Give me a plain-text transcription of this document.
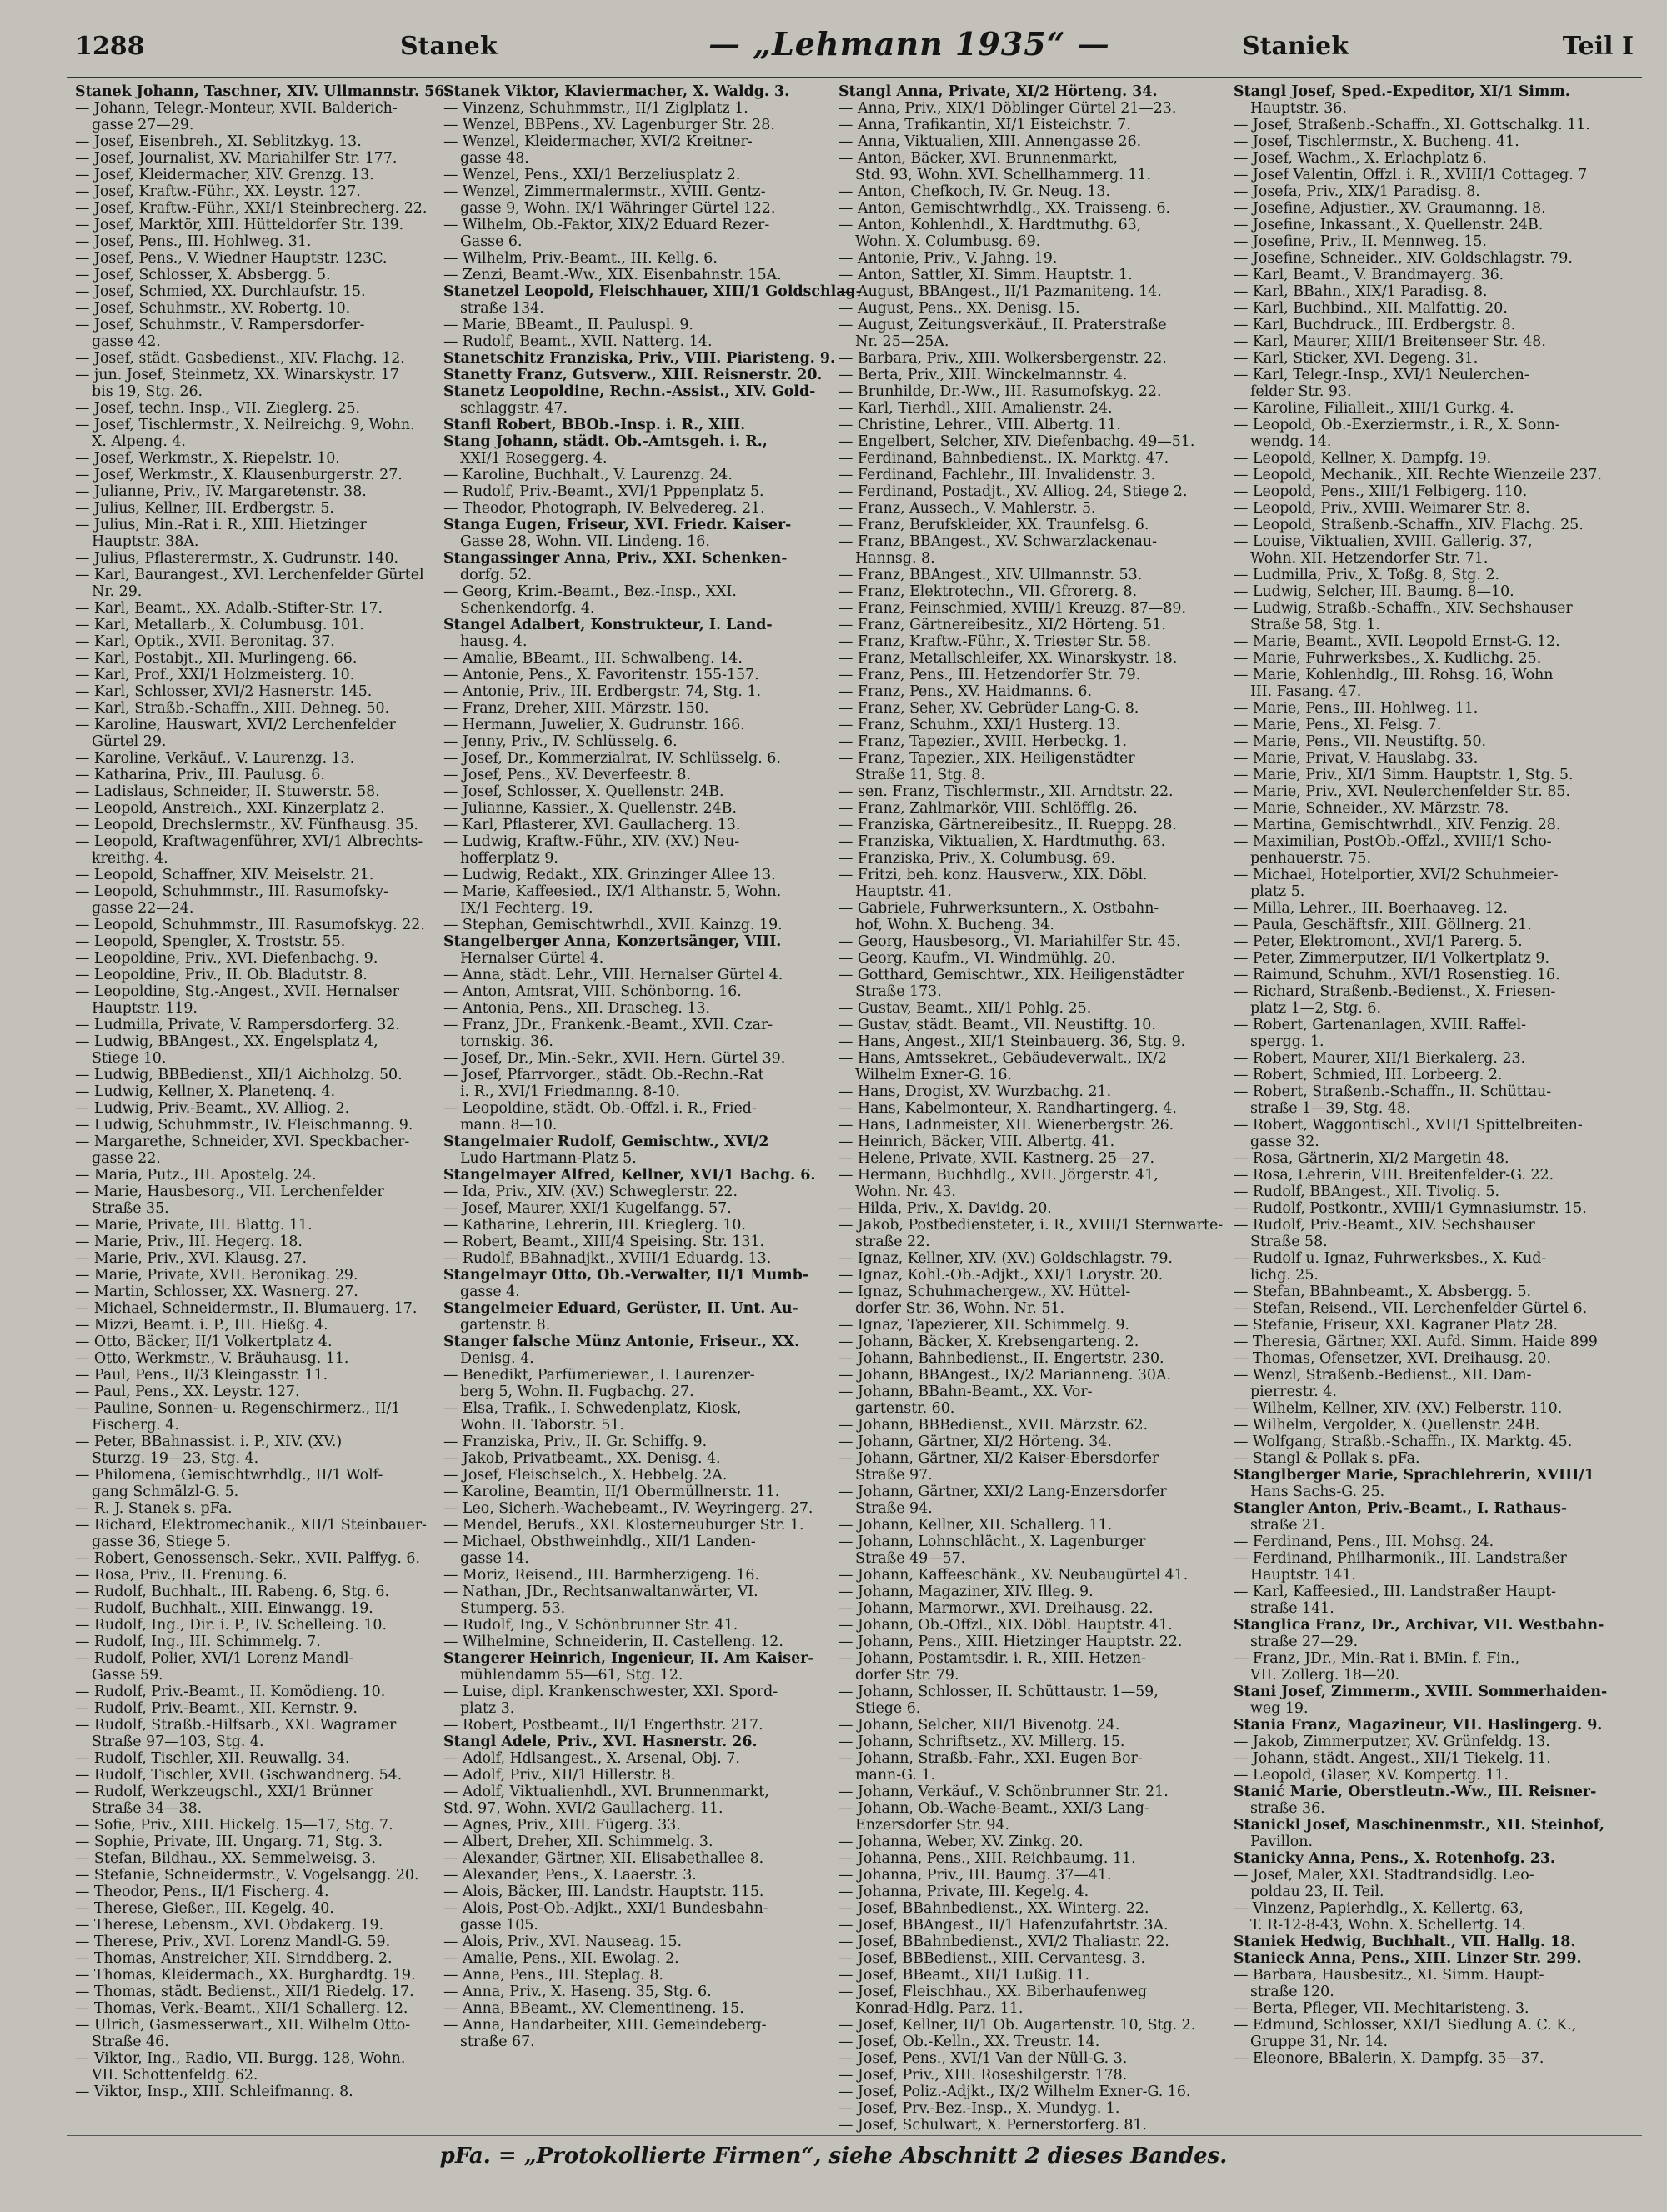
1288	Stanek	— „Lehmann 1935“ —	Staniek	Teil I
Stanek Johann, Taschner, XIV. Ullmannstr. 56.
— Johann, Telegr.-Monteur, XVII. Balderich-
gasse 27—29.
— Josef, Eisenbreh., XI. Seblitzkyg. 13.
— Josef, Journalist, XV. Mariahilfer Str. 177.
— Josef, Kleidermacher, XIV. Grenzg. 13.
— Josef, Kraftw.-Führ., XX. Leystr. 127.
— Josef, Kraftw.-Führ., XXI/1 Steinbrecherg. 22.
— Josef, Marktör, XIII. Hütteldorfer Str. 139.
— Josef, Pens., III. Hohlweg. 31.
— Josef, Pens., V. Wiedner Hauptstr. 123C.
— Josef, Schlosser, X. Absbergg. 5.
— Josef, Schmied, XX. Durchlaufstr. 15.
— Josef, Schuhmstr., XV. Robertg. 10.
— Josef, Schuhmstr., V. Rampersdorfer-
gasse 42.
— Josef, städt. Gasbedienst., XIV. Flachg. 12.
— jun. Josef, Steinmetz, XX. Winarskystr. 17
bis 19, Stg. 26.
— Josef, techn. Insp., VII. Zieglerg. 25.
— Josef, Tischlermstr., X. Neilreichg. 9, Wohn.
X. Alpeng. 4.
— Josef, Werkmstr., X. Riepelstr. 10.
— Josef, Werkmstr., X. Klausenburgerstr. 27.
— Julianne, Priv., IV. Margaretenstr. 38.
— Julius, Kellner, III. Erdbergstr. 5.
— Julius, Min.-Rat i. R., XIII. Hietzinger
Hauptstr. 38A.
— Julius, Pflasterermstr., X. Gudrunstr. 140.
— Karl, Baurangest., XVI. Lerchenfelder Gürtel
Nr. 29.
— Karl, Beamt., XX. Adalb.-Stifter-Str. 17.
— Karl, Metallarb., X. Columbusg. 101.
— Karl, Optik., XVII. Beronitag. 37.
— Karl, Postabjt., XII. Murlingeng. 66.
— Karl, Prof., XXI/1 Holzmeisterg. 10.
— Karl, Schlosser, XVI/2 Hasnerstr. 145.
— Karl, Straßb.-Schaffn., XIII. Dehneg. 50.
— Karoline, Hauswart, XVI/2 Lerchenfelder
Gürtel 29.
— Karoline, Verkäuf., V. Laurenzg. 13.
— Katharina, Priv., III. Paulusg. 6.
— Ladislaus, Schneider, II. Stuwerstr. 58.
— Leopold, Anstreich., XXI. Kinzerplatz 2.
— Leopold, Drechslermstr., XV. Fünfhausg. 35.
— Leopold, Kraftwagenführer, XVI/1 Albrechts-
kreithg. 4.
— Leopold, Schaffner, XIV. Meiselstr. 21.
— Leopold, Schuhmmstr., III. Rasumofsky-
gasse 22—24.
— Leopold, Schuhmmstr., III. Rasumofskyg. 22.
— Leopold, Spengler, X. Troststr. 55.
— Leopoldine, Priv., XVI. Diefenbachg. 9.
— Leopoldine, Priv., II. Ob. Bladutstr. 8.
— Leopoldine, Stg.-Angest., XVII. Hernalser
Hauptstr. 119.
— Ludmilla, Private, V. Rampersdorferg. 32.
— Ludwig, BBAngest., XX. Engelsplatz 4,
Stiege 10.
— Ludwig, BBBedienst., XII/1 Aichholzg. 50.
— Ludwig, Kellner, X. Planetenq. 4.
— Ludwig, Priv.-Beamt., XV. Alliog. 2.
— Ludwig, Schuhmmstr., IV. Fleischmanng. 9.
— Margarethe, Schneider, XVI. Speckbacher-
gasse 22.
— Maria, Putz., III. Apostelg. 24.
— Marie, Hausbesorg., VII. Lerchenfelder
Straße 35.
— Marie, Private, III. Blattg. 11.
— Marie, Priv., III. Hegerg. 18.
— Marie, Priv., XVI. Klausg. 27.
— Marie, Private, XVII. Beronikag. 29.
— Martin, Schlosser, XX. Wasnerg. 27.
— Michael, Schneidermstr., II. Blumauerg. 17.
— Mizzi, Beamt. i. P., III. Hießg. 4.
— Otto, Bäcker, II/1 Volkertplatz 4.
— Otto, Werkmstr., V. Bräuhausg. 11.
— Paul, Pens., II/3 Kleingasstr. 11.
— Paul, Pens., XX. Leystr. 127.
— Pauline, Sonnen- u. Regenschirmerz., II/1
Fischerg. 4.
— Peter, BBahnassist. i. P., XIV. (XV.)
Sturzg. 19—23, Stg. 4.
— Philomena, Gemischtwrhdlg., II/1 Wolf-
gang Schmälzl-G. 5.
— R. J. Stanek s. pFa.
— Richard, Elektromechanik., XII/1 Steinbauer-
gasse 36, Stiege 5.
— Robert, Genossensch.-Sekr., XVII. Palffyg. 6.
— Rosa, Priv., II. Frenung. 6.
— Rudolf, Buchhalt., III. Rabeng. 6, Stg. 6.
— Rudolf, Buchhalt., XIII. Einwangg. 19.
— Rudolf, Ing., Dir. i. P., IV. Schelleing. 10.
— Rudolf, Ing., III. Schimmelg. 7.
— Rudolf, Polier, XVI/1 Lorenz Mandl-
Gasse 59.
— Rudolf, Priv.-Beamt., II. Komödieng. 10.
— Rudolf, Priv.-Beamt., XII. Kernstr. 9.
— Rudolf, Straßb.-Hilfsarb., XXI. Wagramer
Straße 97—103, Stg. 4.
— Rudolf, Tischler, XII. Reuwallg. 34.
— Rudolf, Tischler, XVII. Gschwandnerg. 54.
— Rudolf, Werkzeugschl., XXI/1 Brünner
Straße 34—38.
— Sofie, Priv., XIII. Hickelg. 15—17, Stg. 7.
— Sophie, Private, III. Ungarg. 71, Stg. 3.
— Stefan, Bildhau., XX. Semmelweisg. 3.
— Stefanie, Schneidermstr., V. Vogelsangg. 20.
— Theodor, Pens., II/1 Fischerg. 4.
— Therese, Gießer., III. Kegelg. 40.
— Therese, Lebensm., XVI. Obdakerg. 19.
— Therese, Priv., XVI. Lorenz Mandl-G. 59.
— Thomas, Anstreicher, XII. Sirnddberg. 2.
— Thomas, Kleidermach., XX. Burghardtg. 19.
— Thomas, städt. Bedienst., XII/1 Riedelg. 17.
— Thomas, Verk.-Beamt., XII/1 Schallerg. 12.
— Ulrich, Gasmesserwart., XII. Wilhelm Otto-
Straße 46.
— Viktor, Ing., Radio, VII. Burgg. 128, Wohn.
VII. Schottenfeldg. 62.
— Viktor, Insp., XIII. Schleifmanng. 8.
Stanek Viktor, Klaviermacher, X. Waldg. 3.
— Vinzenz, Schuhmmstr., II/1 Ziglplatz 1.
— Wenzel, BBPens., XV. Lagenburger Str. 28.
— Wenzel, Kleidermacher, XVI/2 Kreitner-
gasse 48.
— Wenzel, Pens., XXI/1 Berzeliusplatz 2.
— Wenzel, Zimmermalermstr., XVIII. Gentz-
gasse 9, Wohn. IX/1 Währinger Gürtel 122.
— Wilhelm, Ob.-Faktor, XIX/2 Eduard Rezer-
Gasse 6.
— Wilhelm, Priv.-Beamt., III. Kellg. 6.
— Zenzi, Beamt.-Ww., XIX. Eisenbahnstr. 15A.
Stanetzel Leopold, Fleischhauer, XIII/1 Goldschlag-
straße 134.
— Marie, BBeamt., II. Pauluspl. 9.
— Rudolf, Beamt., XVII. Natterg. 14.
Stanetschitz Franziska, Priv., VIII. Piaristeng. 9.
Stanetty Franz, Gutsverw., XIII. Reisnerstr. 20.
Stanetz Leopoldine, Rechn.-Assist., XIV. Gold-
schlaggstr. 47.
Stanfl Robert, BBOb.-Insp. i. R., XIII.
Stang Johann, städt. Ob.-Amtsgeh. i. R.,
XXI/1 Roseggerg. 4.
— Karoline, Buchhalt., V. Laurenzg. 24.
— Rudolf, Priv.-Beamt., XVI/1 Pppenplatz 5.
— Theodor, Photograph, IV. Belvedereg. 21.
Stanga Eugen, Friseur, XVI. Friedr. Kaiser-
Gasse 28, Wohn. VII. Lindeng. 16.
Stangassinger Anna, Priv., XXI. Schenken-
dorfg. 52.
— Georg, Krim.-Beamt., Bez.-Insp., XXI.
Schenkendorfg. 4.
Stangel Adalbert, Konstrukteur, I. Land-
hausg. 4.
— Amalie, BBeamt., III. Schwalbeng. 14.
— Antonie, Pens., X. Favoritenstr. 155-157.
— Antonie, Priv., III. Erdbergstr. 74, Stg. 1.
— Franz, Dreher, XIII. Märzstr. 150.
— Hermann, Juwelier, X. Gudrunstr. 166.
— Jenny, Priv., IV. Schlüsselg. 6.
— Josef, Dr., Kommerzialrat, IV. Schlüsselg. 6.
— Josef, Pens., XV. Deverfeestr. 8.
— Josef, Schlosser, X. Quellenstr. 24B.
— Julianne, Kassier., X. Quellenstr. 24B.
— Karl, Pflasterer, XVI. Gaullacherg. 13.
— Ludwig, Kraftw.-Führ., XIV. (XV.) Neu-
hofferplatz 9.
— Ludwig, Redakt., XIX. Grinzinger Allee 13.
— Marie, Kaffeesied., IX/1 Althanstr. 5, Wohn.
IX/1 Fechterg. 19.
— Stephan, Gemischtwrhdl., XVII. Kainzg. 19.
Stangelberger Anna, Konzertsänger, VIII.
Hernalser Gürtel 4.
— Anna, städt. Lehr., VIII. Hernalser Gürtel 4.
— Anton, Amtsrat, VIII. Schönborng. 16.
— Antonia, Pens., XII. Drascheg. 13.
— Franz, JDr., Frankenk.-Beamt., XVII. Czar-
tornskig. 36.
— Josef, Dr., Min.-Sekr., XVII. Hern. Gürtel 39.
— Josef, Pfarrvorger., städt. Ob.-Rechn.-Rat
i. R., XVI/1 Friedmanng. 8-10.
— Leopoldine, städt. Ob.-Offzl. i. R., Fried-
mann. 8—10.
Stangelmaier Rudolf, Gemischtw., XVI/2
Ludo Hartmann-Platz 5.
Stangelmayer Alfred, Kellner, XVI/1 Bachg. 6.
— Ida, Priv., XIV. (XV.) Schweglerstr. 22.
— Josef, Maurer, XXI/1 Kugelfangg. 57.
— Katharine, Lehrerin, III. Krieglerg. 10.
— Robert, Beamt., XIII/4 Speising. Str. 131.
— Rudolf, BBahnadjkt., XVIII/1 Eduardg. 13.
Stangelmayr Otto, Ob.-Verwalter, II/1 Mumb-
gasse 4.
Stangelmeier Eduard, Gerüster, II. Unt. Au-
gartenstr. 8.
Stanger falsche Münz Antonie, Friseur., XX.
Denisg. 4.
— Benedikt, Parfümeriewar., I. Laurenzer-
berg 5, Wohn. II. Fugbachg. 27.
— Elsa, Trafik., I. Schwedenplatz, Kiosk,
Wohn. II. Taborstr. 51.
— Franziska, Priv., II. Gr. Schiffg. 9.
— Jakob, Privatbeamt., XX. Denisg. 4.
— Josef, Fleischselch., X. Hebbelg. 2A.
— Karoline, Beamtin, II/1 Obermüllnerstr. 11.
— Leo, Sicherh.-Wachebeamt., IV. Weyringerg. 27.
— Mendel, Berufs., XXI. Klosterneuburger Str. 1.
— Michael, Obsthweinhdlg., XII/1 Landen-
gasse 14.
— Moriz, Reisend., III. Barmherzigeng. 16.
— Nathan, JDr., Rechtsanwaltanwärter, VI.
Stumperg. 53.
— Rudolf, Ing., V. Schönbrunner Str. 41.
— Wilhelmine, Schneiderin, II. Castelleng. 12.
Stangerer Heinrich, Ingenieur, II. Am Kaiser-
mühlendamm 55—61, Stg. 12.
— Luise, dipl. Krankenschwester, XXI. Spord-
platz 3.
— Robert, Postbeamt., II/1 Engerthstr. 217.
Stangl Adele, Priv., XVI. Hasnerstr. 26.
— Adolf, Hdlsangest., X. Arsenal, Obj. 7.
— Adolf, Priv., XII/1 Hillerstr. 8.
— Adolf, Viktualienhdl., XVI. Brunnenmarkt,
Std. 97, Wohn. XVI/2 Gaullacherg. 11.
— Agnes, Priv., XIII. Fügerg. 33.
— Albert, Dreher, XII. Schimmelg. 3.
— Alexander, Gärtner, XII. Elisabethallee 8.
— Alexander, Pens., X. Laaerstr. 3.
— Alois, Bäcker, III. Landstr. Hauptstr. 115.
— Alois, Post-Ob.-Adjkt., XXI/1 Bundesbahn-
gasse 105.
— Alois, Priv., XVI. Nauseag. 15.
— Amalie, Pens., XII. Ewolag. 2.
— Anna, Pens., III. Steplag. 8.
— Anna, Priv., X. Haseng. 35, Stg. 6.
— Anna, BBeamt., XV. Clementineng. 15.
— Anna, Handarbeiter, XIII. Gemeindeberg-
straße 67.
Stangl Anna, Private, XI/2 Hörteng. 34.
— Anna, Priv., XIX/1 Döblinger Gürtel 21—23.
— Anna, Trafikantin, XI/1 Eisteichstr. 7.
— Anna, Viktualien, XIII. Annengasse 26.
— Anton, Bäcker, XVI. Brunnenmarkt,
Std. 93, Wohn. XVI. Schellhammerg. 11.
— Anton, Chefkoch, IV. Gr. Neug. 13.
— Anton, Gemischtwrhdlg., XX. Traisseng. 6.
— Anton, Kohlenhdl., X. Hardtmuthg. 63,
Wohn. X. Columbusg. 69.
— Antonie, Priv., V. Jahng. 19.
— Anton, Sattler, XI. Simm. Hauptstr. 1.
— August, BBAngest., II/1 Pazmaniteng. 14.
— August, Pens., XX. Denisg. 15.
— August, Zeitungsverkäuf., II. Praterstraße
Nr. 25—25A.
— Barbara, Priv., XIII. Wolkersbergenstr. 22.
— Berta, Priv., XIII. Winckelmannstr. 4.
— Brunhilde, Dr.-Ww., III. Rasumofskyg. 22.
— Karl, Tierhdl., XIII. Amalienstr. 24.
— Christine, Lehrer., VIII. Albertg. 11.
— Engelbert, Selcher, XIV. Diefenbachg. 49—51.
— Ferdinand, Bahnbedienst., IX. Marktg. 47.
— Ferdinand, Fachlehr., III. Invalidenstr. 3.
— Ferdinand, Postadjt., XV. Alliog. 24, Stiege 2.
— Franz, Aussech., V. Mahlerstr. 5.
— Franz, Berufskleider, XX. Traunfelsg. 6.
— Franz, BBAngest., XV. Schwarzlackenau-
Hannsg. 8.
— Franz, BBAngest., XIV. Ullmannstr. 53.
— Franz, Elektrotechn., VII. Gfrorerg. 8.
— Franz, Feinschmied, XVIII/1 Kreuzg. 87—89.
— Franz, Gärtnereibesitz., XI/2 Hörteng. 51.
— Franz, Kraftw.-Führ., X. Triester Str. 58.
— Franz, Metallschleifer, XX. Winarskystr. 18.
— Franz, Pens., III. Hetzendorfer Str. 79.
— Franz, Pens., XV. Haidmanns. 6.
— Franz, Seher, XV. Gebrüder Lang-G. 8.
— Franz, Schuhm., XXI/1 Husterg. 13.
— Franz, Tapezier., XVIII. Herbeckg. 1.
— Franz, Tapezier., XIX. Heiligenstädter
Straße 11, Stg. 8.
— sen. Franz, Tischlermstr., XII. Arndtstr. 22.
— Franz, Zahlmarkör, VIII. Schlöfflg. 26.
— Franziska, Gärtnereibesitz., II. Rueppg. 28.
— Franziska, Viktualien, X. Hardtmuthg. 63.
— Franziska, Priv., X. Columbusg. 69.
— Fritzi, beh. konz. Hausverw., XIX. Döbl.
Hauptstr. 41.
— Gabriele, Fuhrwerksuntern., X. Ostbahn-
hof, Wohn. X. Bucheng. 34.
— Georg, Hausbesorg., VI. Mariahilfer Str. 45.
— Georg, Kaufm., VI. Windmühlg. 20.
— Gotthard, Gemischtwr., XIX. Heiligenstädter
Straße 173.
— Gustav, Beamt., XII/1 Pohlg. 25.
— Gustav, städt. Beamt., VII. Neustiftg. 10.
— Hans, Angest., XII/1 Steinbauerg. 36, Stg. 9.
— Hans, Amtssekret., Gebäudeverwalt., IX/2
Wilhelm Exner-G. 16.
— Hans, Drogist, XV. Wurzbachg. 21.
— Hans, Kabelmonteur, X. Randhartingerg. 4.
— Hans, Ladnmeister, XII. Wienerbergstr. 26.
— Heinrich, Bäcker, VIII. Albertg. 41.
— Helene, Private, XVII. Kastnerg. 25—27.
— Hermann, Buchhdlg., XVII. Jörgerstr. 41,
Wohn. Nr. 43.
— Hilda, Priv., X. Davidg. 20.
— Jakob, Postbediensteter, i. R., XVIII/1 Sternwarte-
straße 22.
— Ignaz, Kellner, XIV. (XV.) Goldschlagstr. 79.
— Ignaz, Kohl.-Ob.-Adjkt., XXI/1 Lorystr. 20.
— Ignaz, Schuhmachergew., XV. Hüttel-
dorfer Str. 36, Wohn. Nr. 51.
— Ignaz, Tapezierer, XII. Schimmelg. 9.
— Johann, Bäcker, X. Krebsengarteng. 2.
— Johann, Bahnbedienst., II. Engertstr. 230.
— Johann, BBAngest., IX/2 Marianneng. 30A.
— Johann, BBahn-Beamt., XX. Vor-
gartenstr. 60.
— Johann, BBBedienst., XVII. Märzstr. 62.
— Johann, Gärtner, XI/2 Hörteng. 34.
— Johann, Gärtner, XI/2 Kaiser-Ebersdorfer
Straße 97.
— Johann, Gärtner, XXI/2 Lang-Enzersdorfer
Straße 94.
— Johann, Kellner, XII. Schallerg. 11.
— Johann, Lohnschlächt., X. Lagenburger
Straße 49—57.
— Johann, Kaffeeschänk., XV. Neubaugürtel 41.
— Johann, Magaziner, XIV. Illeg. 9.
— Johann, Marmorwr., XVI. Dreihausg. 22.
— Johann, Ob.-Offzl., XIX. Döbl. Hauptstr. 41.
— Johann, Pens., XIII. Hietzinger Hauptstr. 22.
— Johann, Postamtsdir. i. R., XIII. Hetzen-
dorfer Str. 79.
— Johann, Schlosser, II. Schüttaustr. 1—59,
Stiege 6.
— Johann, Selcher, XII/1 Bivenotg. 24.
— Johann, Schriftsetz., XV. Millerg. 15.
— Johann, Straßb.-Fahr., XXI. Eugen Bor-
mann-G. 1.
— Johann, Verkäuf., V. Schönbrunner Str. 21.
— Johann, Ob.-Wache-Beamt., XXI/3 Lang-
Enzersdorfer Str. 94.
— Johanna, Weber, XV. Zinkg. 20.
— Johanna, Pens., XIII. Reichbaumg. 11.
— Johanna, Priv., III. Baumg. 37—41.
— Johanna, Private, III. Kegelg. 4.
— Josef, BBahnbedienst., XX. Winterg. 22.
— Josef, BBAngest., II/1 Hafenzufahrtstr. 3A.
— Josef, BBahnbedienst., XVI/2 Thaliastr. 22.
— Josef, BBBedienst., XIII. Cervantesg. 3.
— Josef, BBeamt., XII/1 Lußig. 11.
— Josef, Fleischhau., XX. Biberhaufenweg
Konrad-Hdlg. Parz. 11.
— Josef, Kellner, II/1 Ob. Augartenstr. 10, Stg. 2.
— Josef, Ob.-Kelln., XX. Treustr. 14.
— Josef, Pens., XVI/1 Van der Nüll-G. 3.
— Josef, Priv., XIII. Roseshilgerstr. 178.
— Josef, Poliz.-Adjkt., IX/2 Wilhelm Exner-G. 16.
— Josef, Prv.-Bez.-Insp., X. Mundyg. 1.
— Josef, Schulwart, X. Pernerstorferg. 81.
Stangl Josef, Sped.-Expeditor, XI/1 Simm.
Hauptstr. 36.
— Josef, Straßenb.-Schaffn., XI. Gottschalkg. 11.
— Josef, Tischlermstr., X. Bucheng. 41.
— Josef, Wachm., X. Erlachplatz 6.
— Josef Valentin, Offzl. i. R., XVIII/1 Cottageg. 7
— Josefa, Priv., XIX/1 Paradisg. 8.
— Josefine, Adjustier., XV. Graumanng. 18.
— Josefine, Inkassant., X. Quellenstr. 24B.
— Josefine, Priv., II. Mennweg. 15.
— Josefine, Schneider., XIV. Goldschlagstr. 79.
— Karl, Beamt., V. Brandmayerg. 36.
— Karl, BBahn., XIX/1 Paradisg. 8.
— Karl, Buchbind., XII. Malfattig. 20.
— Karl, Buchdruck., III. Erdbergstr. 8.
— Karl, Maurer, XIII/1 Breitenseer Str. 48.
— Karl, Sticker, XVI. Degeng. 31.
— Karl, Telegr.-Insp., XVI/1 Neulerchen-
felder Str. 93.
— Karoline, Filialleit., XIII/1 Gurkg. 4.
— Leopold, Ob.-Exerziermstr., i. R., X. Sonn-
wendg. 14.
— Leopold, Kellner, X. Dampfg. 19.
— Leopold, Mechanik., XII. Rechte Wienzeile 237.
— Leopold, Pens., XIII/1 Felbigerg. 110.
— Leopold, Priv., XVIII. Weimarer Str. 8.
— Leopold, Straßenb.-Schaffn., XIV. Flachg. 25.
— Louise, Viktualien, XVIII. Gallerig. 37,
Wohn. XII. Hetzendorfer Str. 71.
— Ludmilla, Priv., X. Toßg. 8, Stg. 2.
— Ludwig, Selcher, III. Baumg. 8—10.
— Ludwig, Straßb.-Schaffn., XIV. Sechshauser
Straße 58, Stg. 1.
— Marie, Beamt., XVII. Leopold Ernst-G. 12.
— Marie, Fuhrwerksbes., X. Kudlichg. 25.
— Marie, Kohlenhdlg., III. Rohsg. 16, Wohn
III. Fasang. 47.
— Marie, Pens., III. Hohlweg. 11.
— Marie, Pens., XI. Felsg. 7.
— Marie, Pens., VII. Neustiftg. 50.
— Marie, Privat, V. Hauslabg. 33.
— Marie, Priv., XI/1 Simm. Hauptstr. 1, Stg. 5.
— Marie, Priv., XVI. Neulerchenfelder Str. 85.
— Marie, Schneider., XV. Märzstr. 78.
— Martina, Gemischtwrhdl., XIV. Fenzig. 28.
— Maximilian, PostOb.-Offzl., XVIII/1 Scho-
penhauerstr. 75.
— Michael, Hotelportier, XVI/2 Schuhmeier-
platz 5.
— Milla, Lehrer., III. Boerhaaveg. 12.
— Paula, Geschäftsfr., XIII. Göllnerg. 21.
— Peter, Elektromont., XVI/1 Parerg. 5.
— Peter, Zimmerputzer, II/1 Volkertplatz 9.
— Raimund, Schuhm., XVI/1 Rosenstieg. 16.
— Richard, Straßenb.-Bedienst., X. Friesen-
platz 1—2, Stg. 6.
— Robert, Gartenanlagen, XVIII. Raffel-
spergg. 1.
— Robert, Maurer, XII/1 Bierkalerg. 23.
— Robert, Schmied, III. Lorbeerg. 2.
— Robert, Straßenb.-Schaffn., II. Schüttau-
straße 1—39, Stg. 48.
— Robert, Waggontischl., XVII/1 Spittelbreiten-
gasse 32.
— Rosa, Gärtnerin, XI/2 Margetin 48.
— Rosa, Lehrerin, VIII. Breitenfelder-G. 22.
— Rudolf, BBAngest., XII. Tivolig. 5.
— Rudolf, Postkontr., XVIII/1 Gymnasiumstr. 15.
— Rudolf, Priv.-Beamt., XIV. Sechshauser
Straße 58.
— Rudolf u. Ignaz, Fuhrwerksbes., X. Kud-
lichg. 25.
— Stefan, BBahnbeamt., X. Absbergg. 5.
— Stefan, Reisend., VII. Lerchenfelder Gürtel 6.
— Stefanie, Friseur, XXI. Kagraner Platz 28.
— Theresia, Gärtner, XXI. Aufd. Simm. Haide 899
— Thomas, Ofensetzer, XVI. Dreihausg. 20.
— Wenzl, Straßenb.-Bedienst., XII. Dam-
pierrestr. 4.
— Wilhelm, Kellner, XIV. (XV.) Felberstr. 110.
— Wilhelm, Vergolder, X. Quellenstr. 24B.
— Wolfgang, Straßb.-Schaffn., IX. Marktg. 45.
— Stangl & Pollak s. pFa.
Stanglberger Marie, Sprachlehrerin, XVIII/1
Hans Sachs-G. 25.
Stangler Anton, Priv.-Beamt., I. Rathaus-
straße 21.
— Ferdinand, Pens., III. Mohsg. 24.
— Ferdinand, Philharmonik., III. Landstraßer
Hauptstr. 141.
— Karl, Kaffeesied., III. Landstraßer Haupt-
straße 141.
Stanglica Franz, Dr., Archivar, VII. Westbahn-
straße 27—29.
— Franz, JDr., Min.-Rat i. BMin. f. Fin.,
VII. Zollerg. 18—20.
Stani Josef, Zimmerm., XVIII. Sommerhaiden-
weg 19.
Stania Franz, Magazineur, VII. Haslingerg. 9.
— Jakob, Zimmerputzer, XV. Grünfeldg. 13.
— Johann, städt. Angest., XII/1 Tiekelg. 11.
— Leopold, Glaser, XV. Kompertg. 11.
Stanić Marie, Oberstleutn.-Ww., III. Reisner-
straße 36.
Stanickl Josef, Maschinenmstr., XII. Steinhof,
Pavillon.
Stanicky Anna, Pens., X. Rotenhofg. 23.
— Josef, Maler, XXI. Stadtrandsidlg. Leo-
poldau 23, II. Teil.
— Vinzenz, Papierhdlg., X. Kellertg. 63,
T. R-12-8-43, Wohn. X. Schellertg. 14.
Staniek Hedwig, Buchhalt., VII. Hallg. 18.
Stanieck Anna, Pens., XIII. Linzer Str. 299.
— Barbara, Hausbesitz., XI. Simm. Haupt-
straße 120.
— Berta, Pfleger, VII. Mechitaristeng. 3.
— Edmund, Schlosser, XXI/1 Siedlung A. C. K.,
Gruppe 31, Nr. 14.
— Eleonore, BBalerin, X. Dampfg. 35—37.
pFa. = „Protokollierte Firmen“, siehe Abschnitt 2 dieses Bandes.
